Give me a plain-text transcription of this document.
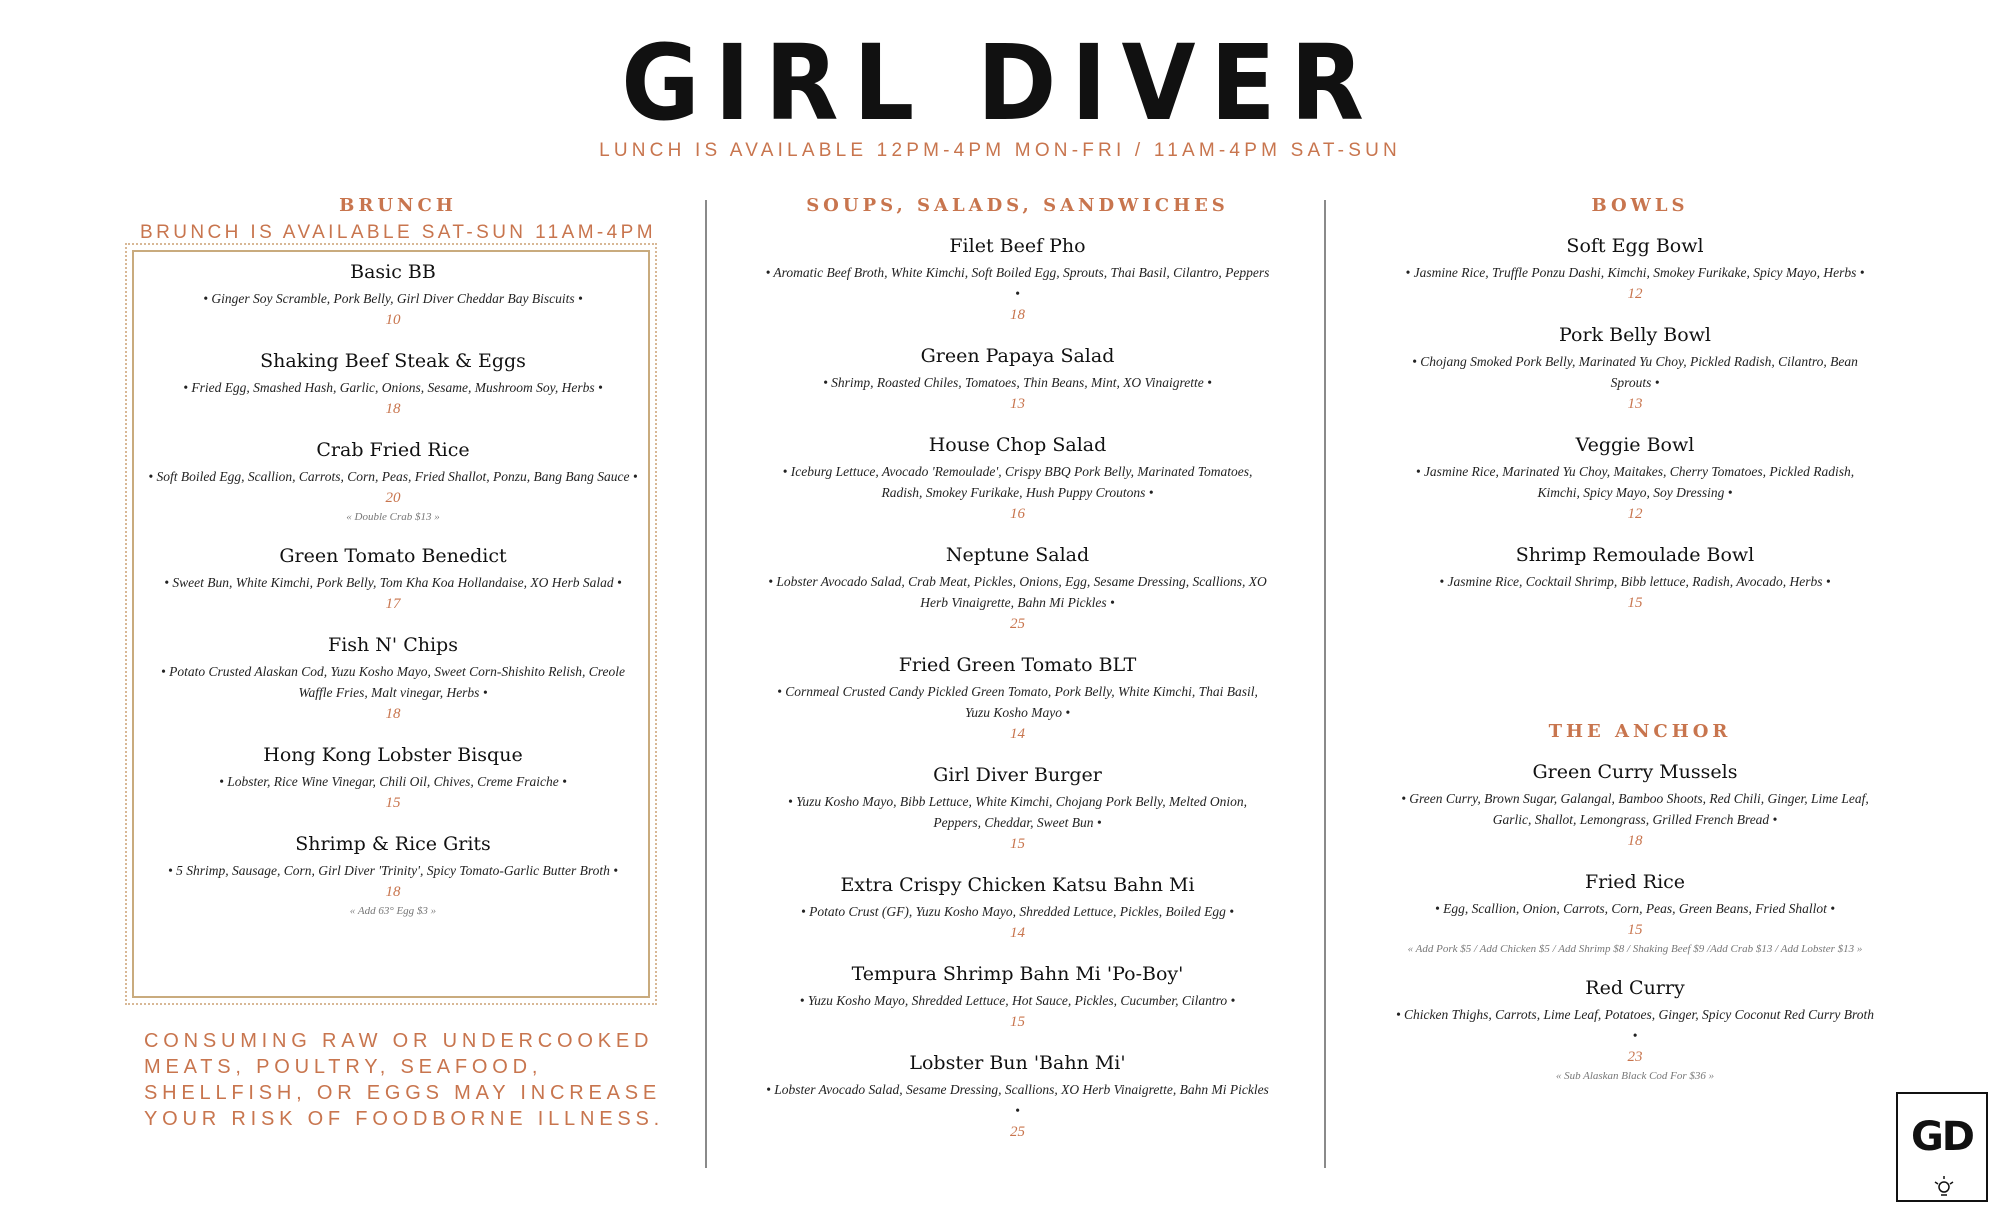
GIRL DIVER
LUNCH IS AVAILABLE 12PM-4PM MON-FRI / 11AM-4PM SAT-SUN
BRUNCH
BRUNCH IS AVAILABLE SAT-SUN 11AM-4PM
Basic BB
• Ginger Soy Scramble, Pork Belly, Girl Diver Cheddar Bay Biscuits •
10
Shaking Beef Steak & Eggs
• Fried Egg, Smashed Hash, Garlic, Onions, Sesame, Mushroom Soy, Herbs •
18
Crab Fried Rice
• Soft Boiled Egg, Scallion, Carrots, Corn, Peas, Fried Shallot, Ponzu, Bang Bang Sauce •
20
« Double Crab $13 »
Green Tomato Benedict
• Sweet Bun, White Kimchi, Pork Belly, Tom Kha Koa Hollandaise, XO Herb Salad •
17
Fish N' Chips
• Potato Crusted Alaskan Cod, Yuzu Kosho Mayo, Sweet Corn-Shishito Relish, Creole Waffle Fries, Malt vinegar, Herbs •
18
Hong Kong Lobster Bisque
• Lobster, Rice Wine Vinegar, Chili Oil, Chives, Creme Fraiche •
15
Shrimp & Rice Grits
• 5 Shrimp, Sausage, Corn, Girl Diver 'Trinity', Spicy Tomato-Garlic Butter Broth •
18
« Add 63° Egg $3 »
SOUPS, SALADS, SANDWICHES
Filet Beef Pho
• Aromatic Beef Broth, White Kimchi, Soft Boiled Egg, Sprouts, Thai Basil, Cilantro, Peppers •
18
Green Papaya Salad
• Shrimp, Roasted Chiles, Tomatoes, Thin Beans, Mint, XO Vinaigrette •
13
House Chop Salad
• Iceburg Lettuce, Avocado 'Remoulade', Crispy BBQ Pork Belly, Marinated Tomatoes, Radish, Smokey Furikake, Hush Puppy Croutons •
16
Neptune Salad
• Lobster Avocado Salad, Crab Meat, Pickles, Onions, Egg, Sesame Dressing, Scallions, XO Herb Vinaigrette, Bahn Mi Pickles •
25
Fried Green Tomato BLT
• Cornmeal Crusted Candy Pickled Green Tomato, Pork Belly, White Kimchi, Thai Basil, Yuzu Kosho Mayo •
14
Girl Diver Burger
• Yuzu Kosho Mayo, Bibb Lettuce, White Kimchi, Chojang Pork Belly, Melted Onion, Peppers, Cheddar, Sweet Bun •
15
Extra Crispy Chicken Katsu Bahn Mi
• Potato Crust (GF), Yuzu Kosho Mayo, Shredded Lettuce, Pickles, Boiled Egg •
14
Tempura Shrimp Bahn Mi 'Po-Boy'
• Yuzu Kosho Mayo, Shredded Lettuce, Hot Sauce, Pickles, Cucumber, Cilantro •
15
Lobster Bun 'Bahn Mi'
• Lobster Avocado Salad, Sesame Dressing, Scallions, XO Herb Vinaigrette, Bahn Mi Pickles •
25
BOWLS
Soft Egg Bowl
• Jasmine Rice, Truffle Ponzu Dashi, Kimchi, Smokey Furikake, Spicy Mayo, Herbs •
12
Pork Belly Bowl
• Chojang Smoked Pork Belly, Marinated Yu Choy, Pickled Radish, Cilantro, Bean Sprouts •
13
Veggie Bowl
• Jasmine Rice, Marinated Yu Choy, Maitakes, Cherry Tomatoes, Pickled Radish, Kimchi, Spicy Mayo, Soy Dressing •
12
Shrimp Remoulade Bowl
• Jasmine Rice, Cocktail Shrimp, Bibb lettuce, Radish, Avocado, Herbs •
15
THE ANCHOR
Green Curry Mussels
• Green Curry, Brown Sugar, Galangal, Bamboo Shoots, Red Chili, Ginger, Lime Leaf, Garlic, Shallot, Lemongrass, Grilled French Bread •
18
Fried Rice
• Egg, Scallion, Onion, Carrots, Corn, Peas, Green Beans, Fried Shallot •
15
« Add Pork $5 / Add Chicken $5 / Add Shrimp $8 / Shaking Beef $9 /Add Crab $13 / Add Lobster $13 »
Red Curry
• Chicken Thighs, Carrots, Lime Leaf, Potatoes, Ginger, Spicy Coconut Red Curry Broth •
23
« Sub Alaskan Black Cod For $36 »
CONSUMING RAW OR UNDERCOOKED MEATS, POULTRY, SEAFOOD, SHELLFISH, OR EGGS MAY INCREASE YOUR RISK OF FOODBORNE ILLNESS.	GD
